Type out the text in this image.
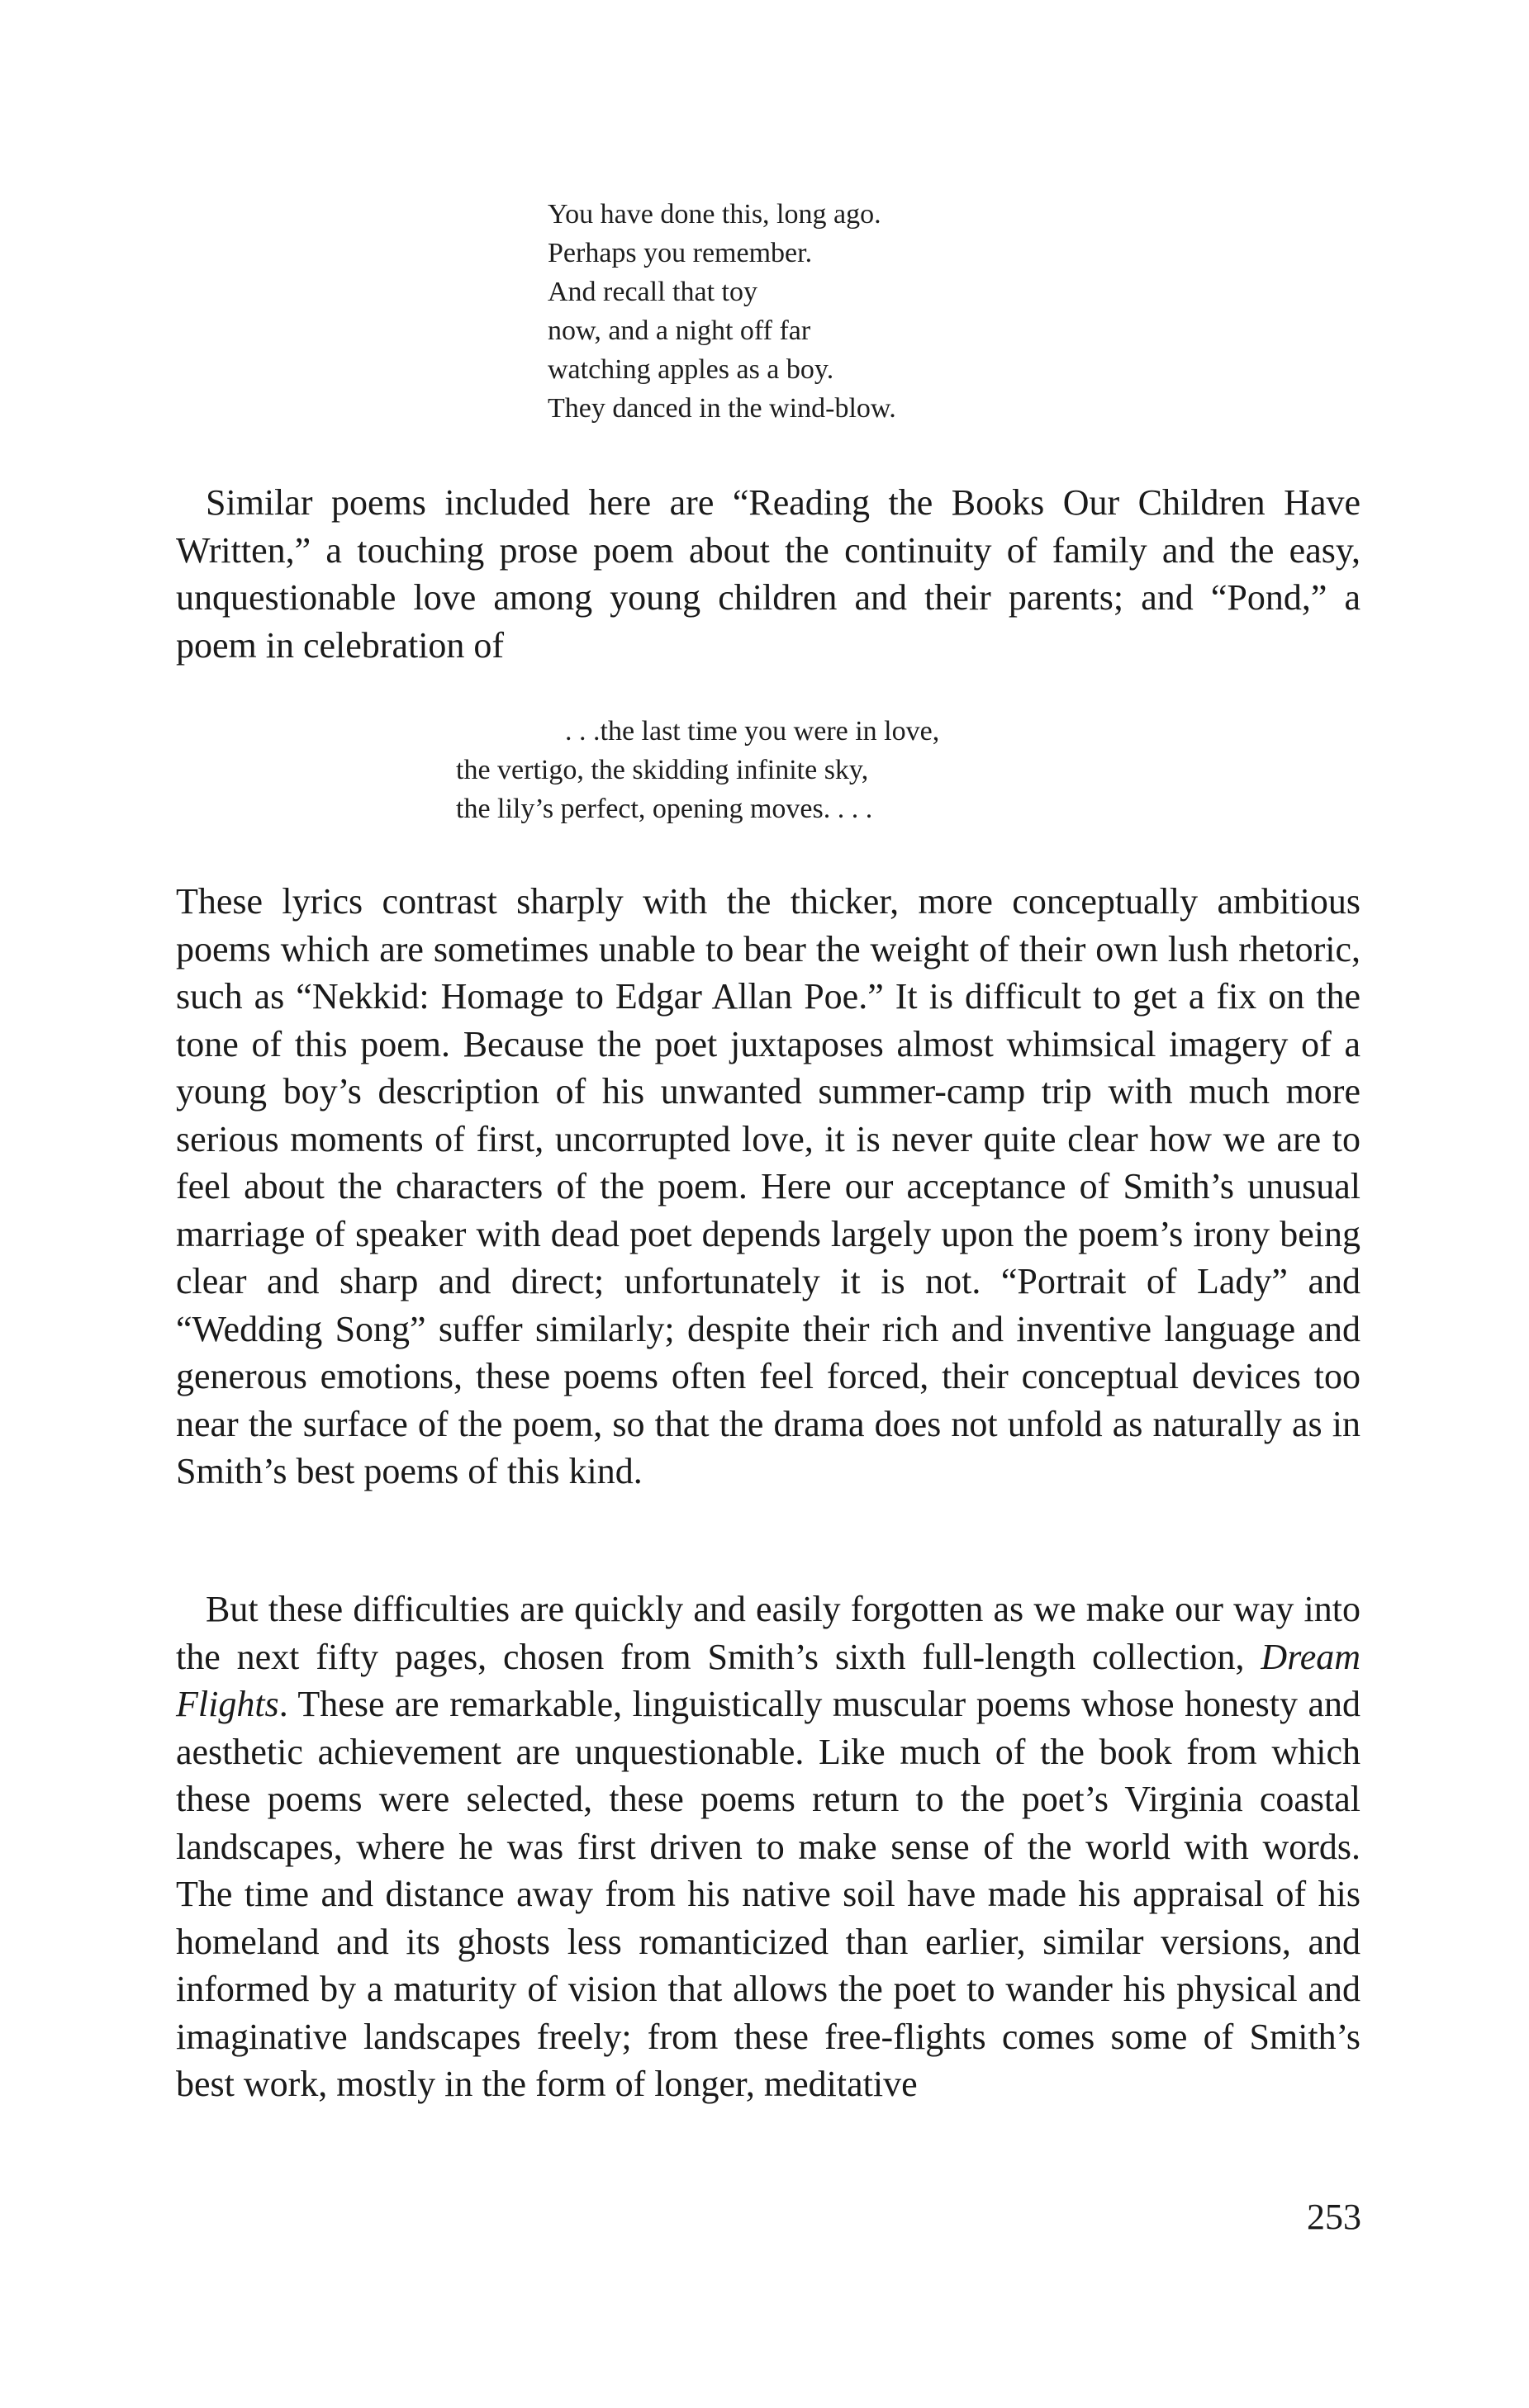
You have done this, long ago.
Perhaps you remember.
And recall that toy
now, and a night off far
watching apples as a boy.
They danced in the wind-blow.

Similar poems included here are “Reading the Books Our Children Have Written,” a touching prose poem about the continuity of family and the easy, unquestionable love among young children and their parents; and “Pond,” a poem in celebration of

. . .the last time you were in love,
the vertigo, the skidding infinite sky,
the lily’s perfect, opening moves. . . .

These lyrics contrast sharply with the thicker, more conceptually ambitious poems which are sometimes unable to bear the weight of their own lush rhetoric, such as “Nekkid: Homage to Edgar Allan Poe.” It is difficult to get a fix on the tone of this poem. Because the poet juxtaposes almost whimsical imagery of a young boy’s description of his unwanted summer-camp trip with much more serious moments of first, uncorrupted love, it is never quite clear how we are to feel about the characters of the poem. Here our acceptance of Smith’s unusual marriage of speaker with dead poet depends largely upon the poem’s irony being clear and sharp and direct; unfortunately it is not. “Portrait of Lady” and “Wedding Song” suffer similarly; despite their rich and inventive language and generous emotions, these poems often feel forced, their conceptual devices too near the surface of the poem, so that the drama does not unfold as naturally as in Smith’s best poems of this kind.

But these difficulties are quickly and easily forgotten as we make our way into the next fifty pages, chosen from Smith’s sixth full-length collection, Dream Flights. These are remarkable, linguistically muscular poems whose honesty and aesthetic achievement are unquestionable. Like much of the book from which these poems were selected, these poems return to the poet’s Virginia coastal landscapes, where he was first driven to make sense of the world with words. The time and distance away from his native soil have made his appraisal of his homeland and its ghosts less romanticized than earlier, similar versions, and informed by a maturity of vision that allows the poet to wander his physical and imaginative landscapes freely; from these free-flights comes some of Smith’s best work, mostly in the form of longer, meditative

253
